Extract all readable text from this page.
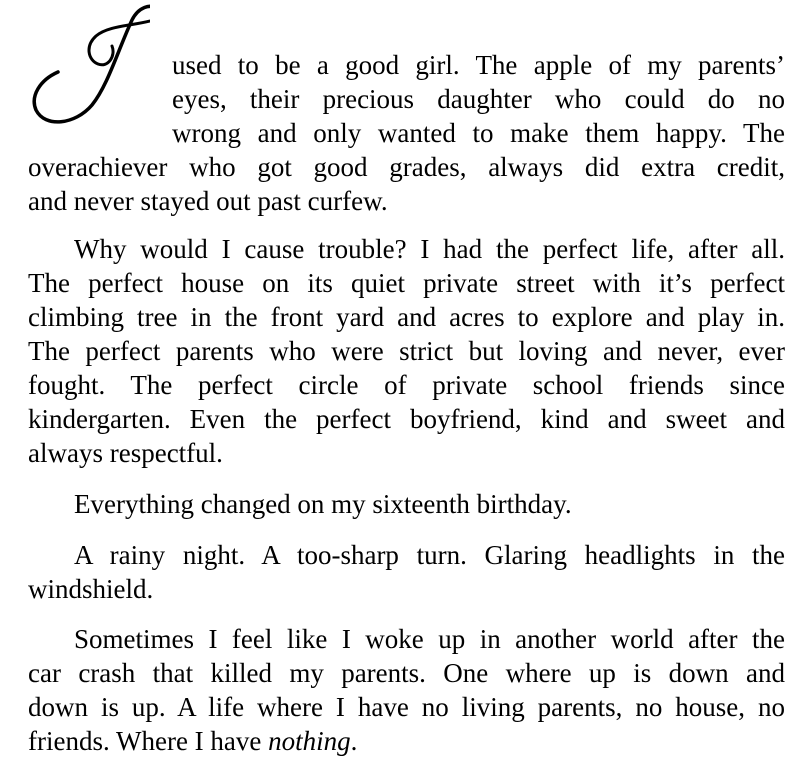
used to be a good girl. The apple of my parents’
eyes, their precious daughter who could do no
wrong and only wanted to make them happy. The
overachiever who got good grades, always did extra credit,
and never stayed out past curfew.
Why would I cause trouble? I had the perfect life, after all.
The perfect house on its quiet private street with it’s perfect
climbing tree in the front yard and acres to explore and play in.
The perfect parents who were strict but loving and never, ever
fought. The perfect circle of private school friends since
kindergarten. Even the perfect boyfriend, kind and sweet and
always respectful.
Everything changed on my sixteenth birthday.
A rainy night. A too-sharp turn. Glaring headlights in the
windshield.
Sometimes I feel like I woke up in another world after the
car crash that killed my parents. One where up is down and
down is up. A life where I have no living parents, no house, no
friends. Where I have nothing.
